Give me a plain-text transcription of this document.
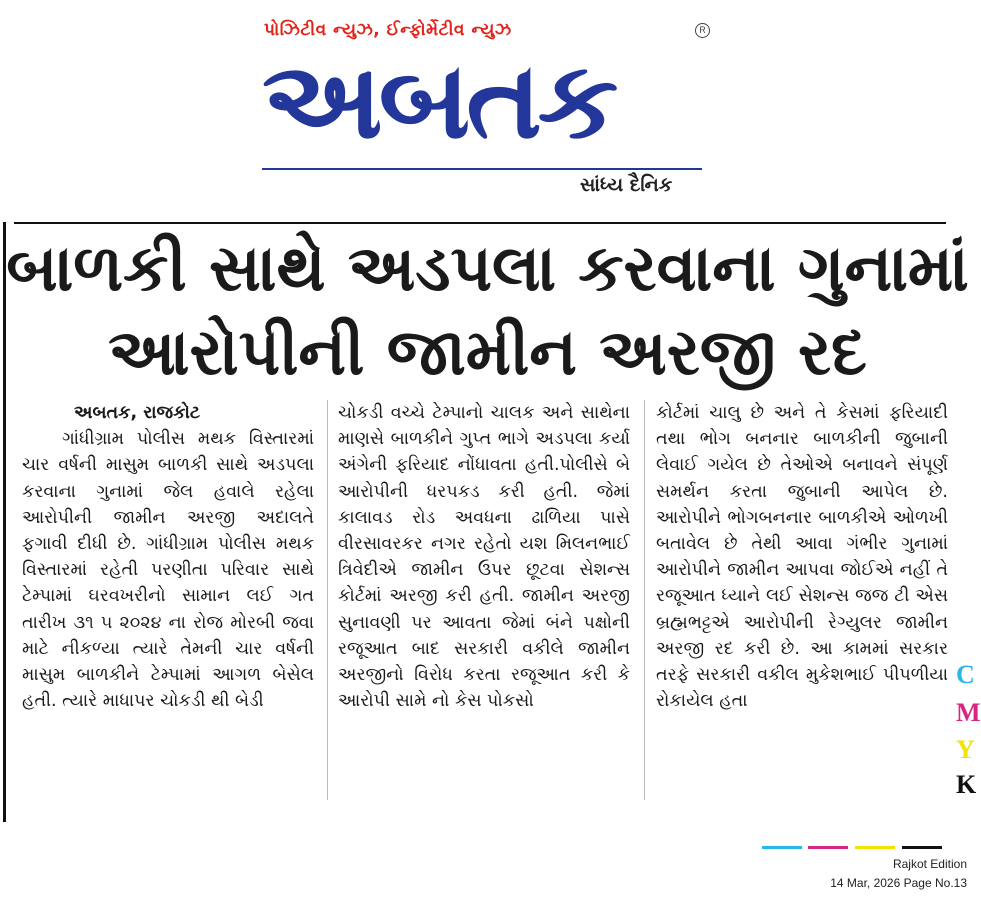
પોઝિટીવ ન્યુઝ, ઈન્ફોર્મેટીવ ન્યુઝ	R
અબતક
સાંધ્ય દૈનિક
બાળકી સાથે અડપલા કરવાના ગુનામાં
આરોપીની જામીન અરજી રદ
અબતક, રાજકોટ
ગાંધીગ્રામ પોલીસ મથક વિસ્તારમાં ચાર વર્ષની માસુમ બાળકી સાથે અડપલા કરવાના ગુનામાં જેલ હવાલે રહેલા આરોપીની જામીન અરજી અદાલતે ફગાવી દીધી છે. ગાંધીગ્રામ પોલીસ મથક વિસ્તારમાં રહેતી પરણીતા પરિવાર સાથે ટેમ્પામાં ઘરવખરીનો સામાન લઈ ગત તારીખ ૩૧ ૫ ૨૦૨૪ ના રોજ મોરબી જવા માટે નીકળ્યા ત્યારે તેમની ચાર વર્ષની માસુમ બાળકીને ટેમ્પામાં આગળ બેસેલ હતી. ત્યારે માધાપર ચોકડી થી બેડી
ચોકડી વચ્ચે ટેમ્પાનો ચાલક અને સાથેના માણસે બાળકીને ગુપ્ત ભાગે અડપલા કર્યા અંગેની ફરિયાદ નોંધાવતા હતી.પોલીસે બે આરોપીની ધરપકડ કરી હતી. જેમાં કાલાવડ રોડ અવધના ઢાળિયા પાસે વીરસાવરકર નગર રહેતો યશ મિલનભાઈ ત્રિવેદીએ જામીન ઉપર છૂટવા સેશન્સ કોર્ટમાં અરજી કરી હતી. જામીન અરજી સુનાવણી પર આવતા જેમાં બંને પક્ષોની રજૂઆત બાદ સરકારી વકીલે જામીન અરજીનો વિરોધ કરતા રજૂઆત કરી કે આરોપી સામે નો કેસ પોકસો
કોર્ટમાં ચાલુ છે અને તે કેસમાં ફરિયાદી તથા ભોગ બનનાર બાળકીની જુબાની લેવાઈ ગયેલ છે તેઓએ બનાવને સંપૂર્ણ સમર્થન કરતા જુબાની આપેલ છે. આરોપીને ભોગબનનાર બાળકીએ ઓળખી બતાવેલ છે તેથી આવા ગંભીર ગુનામાં આરોપીને જામીન આપવા જોઈએ નહીં તે રજૂઆત ધ્યાને લઈ સેશન્સ જજ ટી એસ બ્રહ્મભટ્ટએ આરોપીની રેગ્યુલર જામીન અરજી રદ કરી છે. આ કામમાં સરકાર તરફે સરકારી વકીલ મુકેશભાઈ પીપળીયા રોકાયેલ હતા
C
M
Y
K
Rajkot Edition
14 Mar, 2026 Page No.13
